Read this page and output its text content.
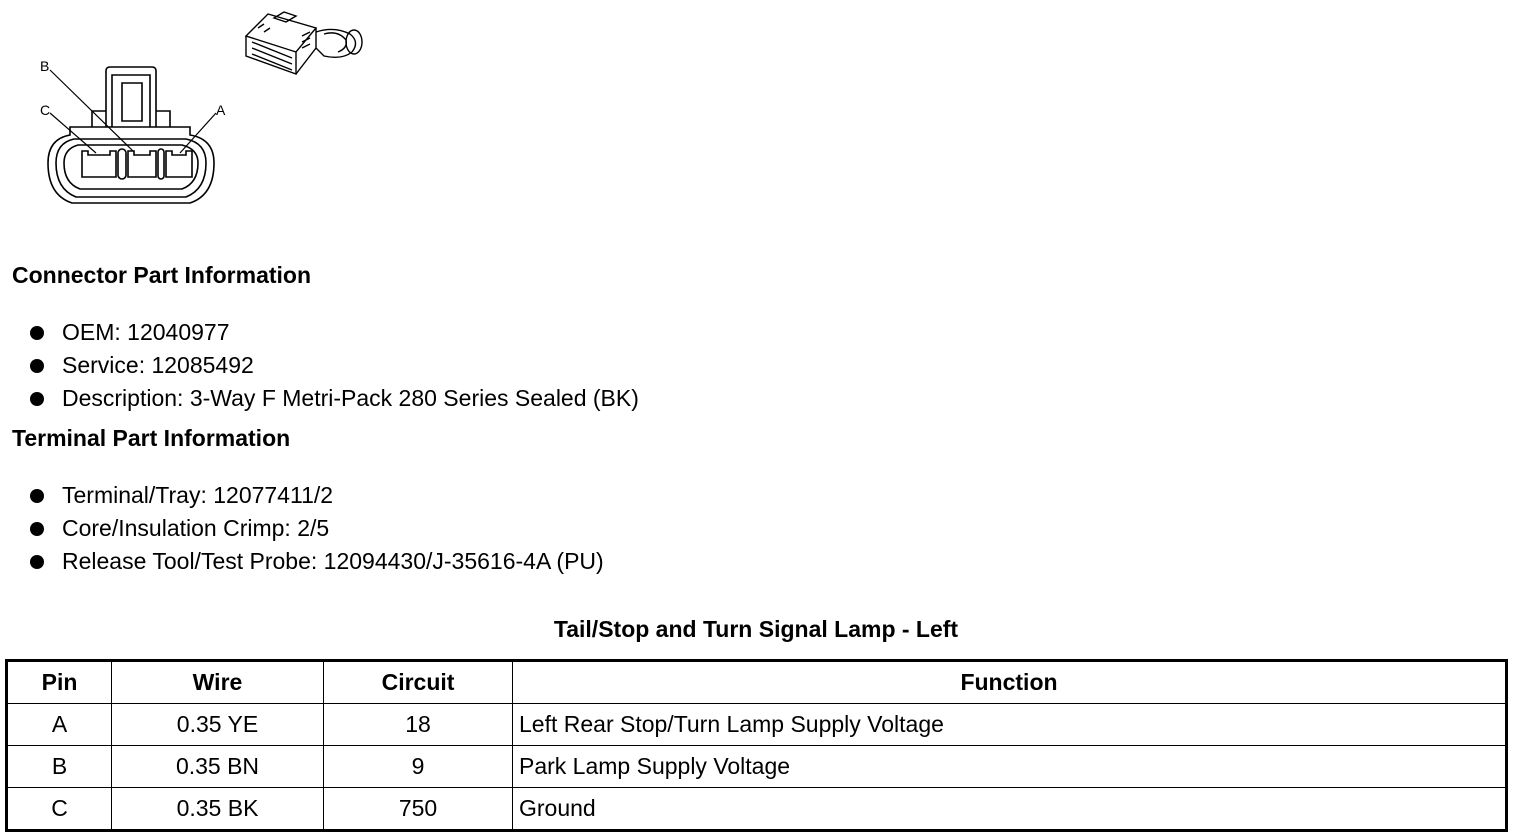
B
C	A
Connector Part Information
OEM: 12040977
Service: 12085492
Description: 3-Way F Metri-Pack 280 Series Sealed (BK)
Terminal Part Information
Terminal/Tray: 12077411/2
Core/Insulation Crimp: 2/5
Release Tool/Test Probe: 12094430/J-35616-4A (PU)
Tail/Stop and Turn Signal Lamp - Left
Pin	Wire	Circuit	Function
A	0.35 YE	18	Left Rear Stop/Turn Lamp Supply Voltage
B	0.35 BN	9	Park Lamp Supply Voltage
C	0.35 BK	750	Ground
